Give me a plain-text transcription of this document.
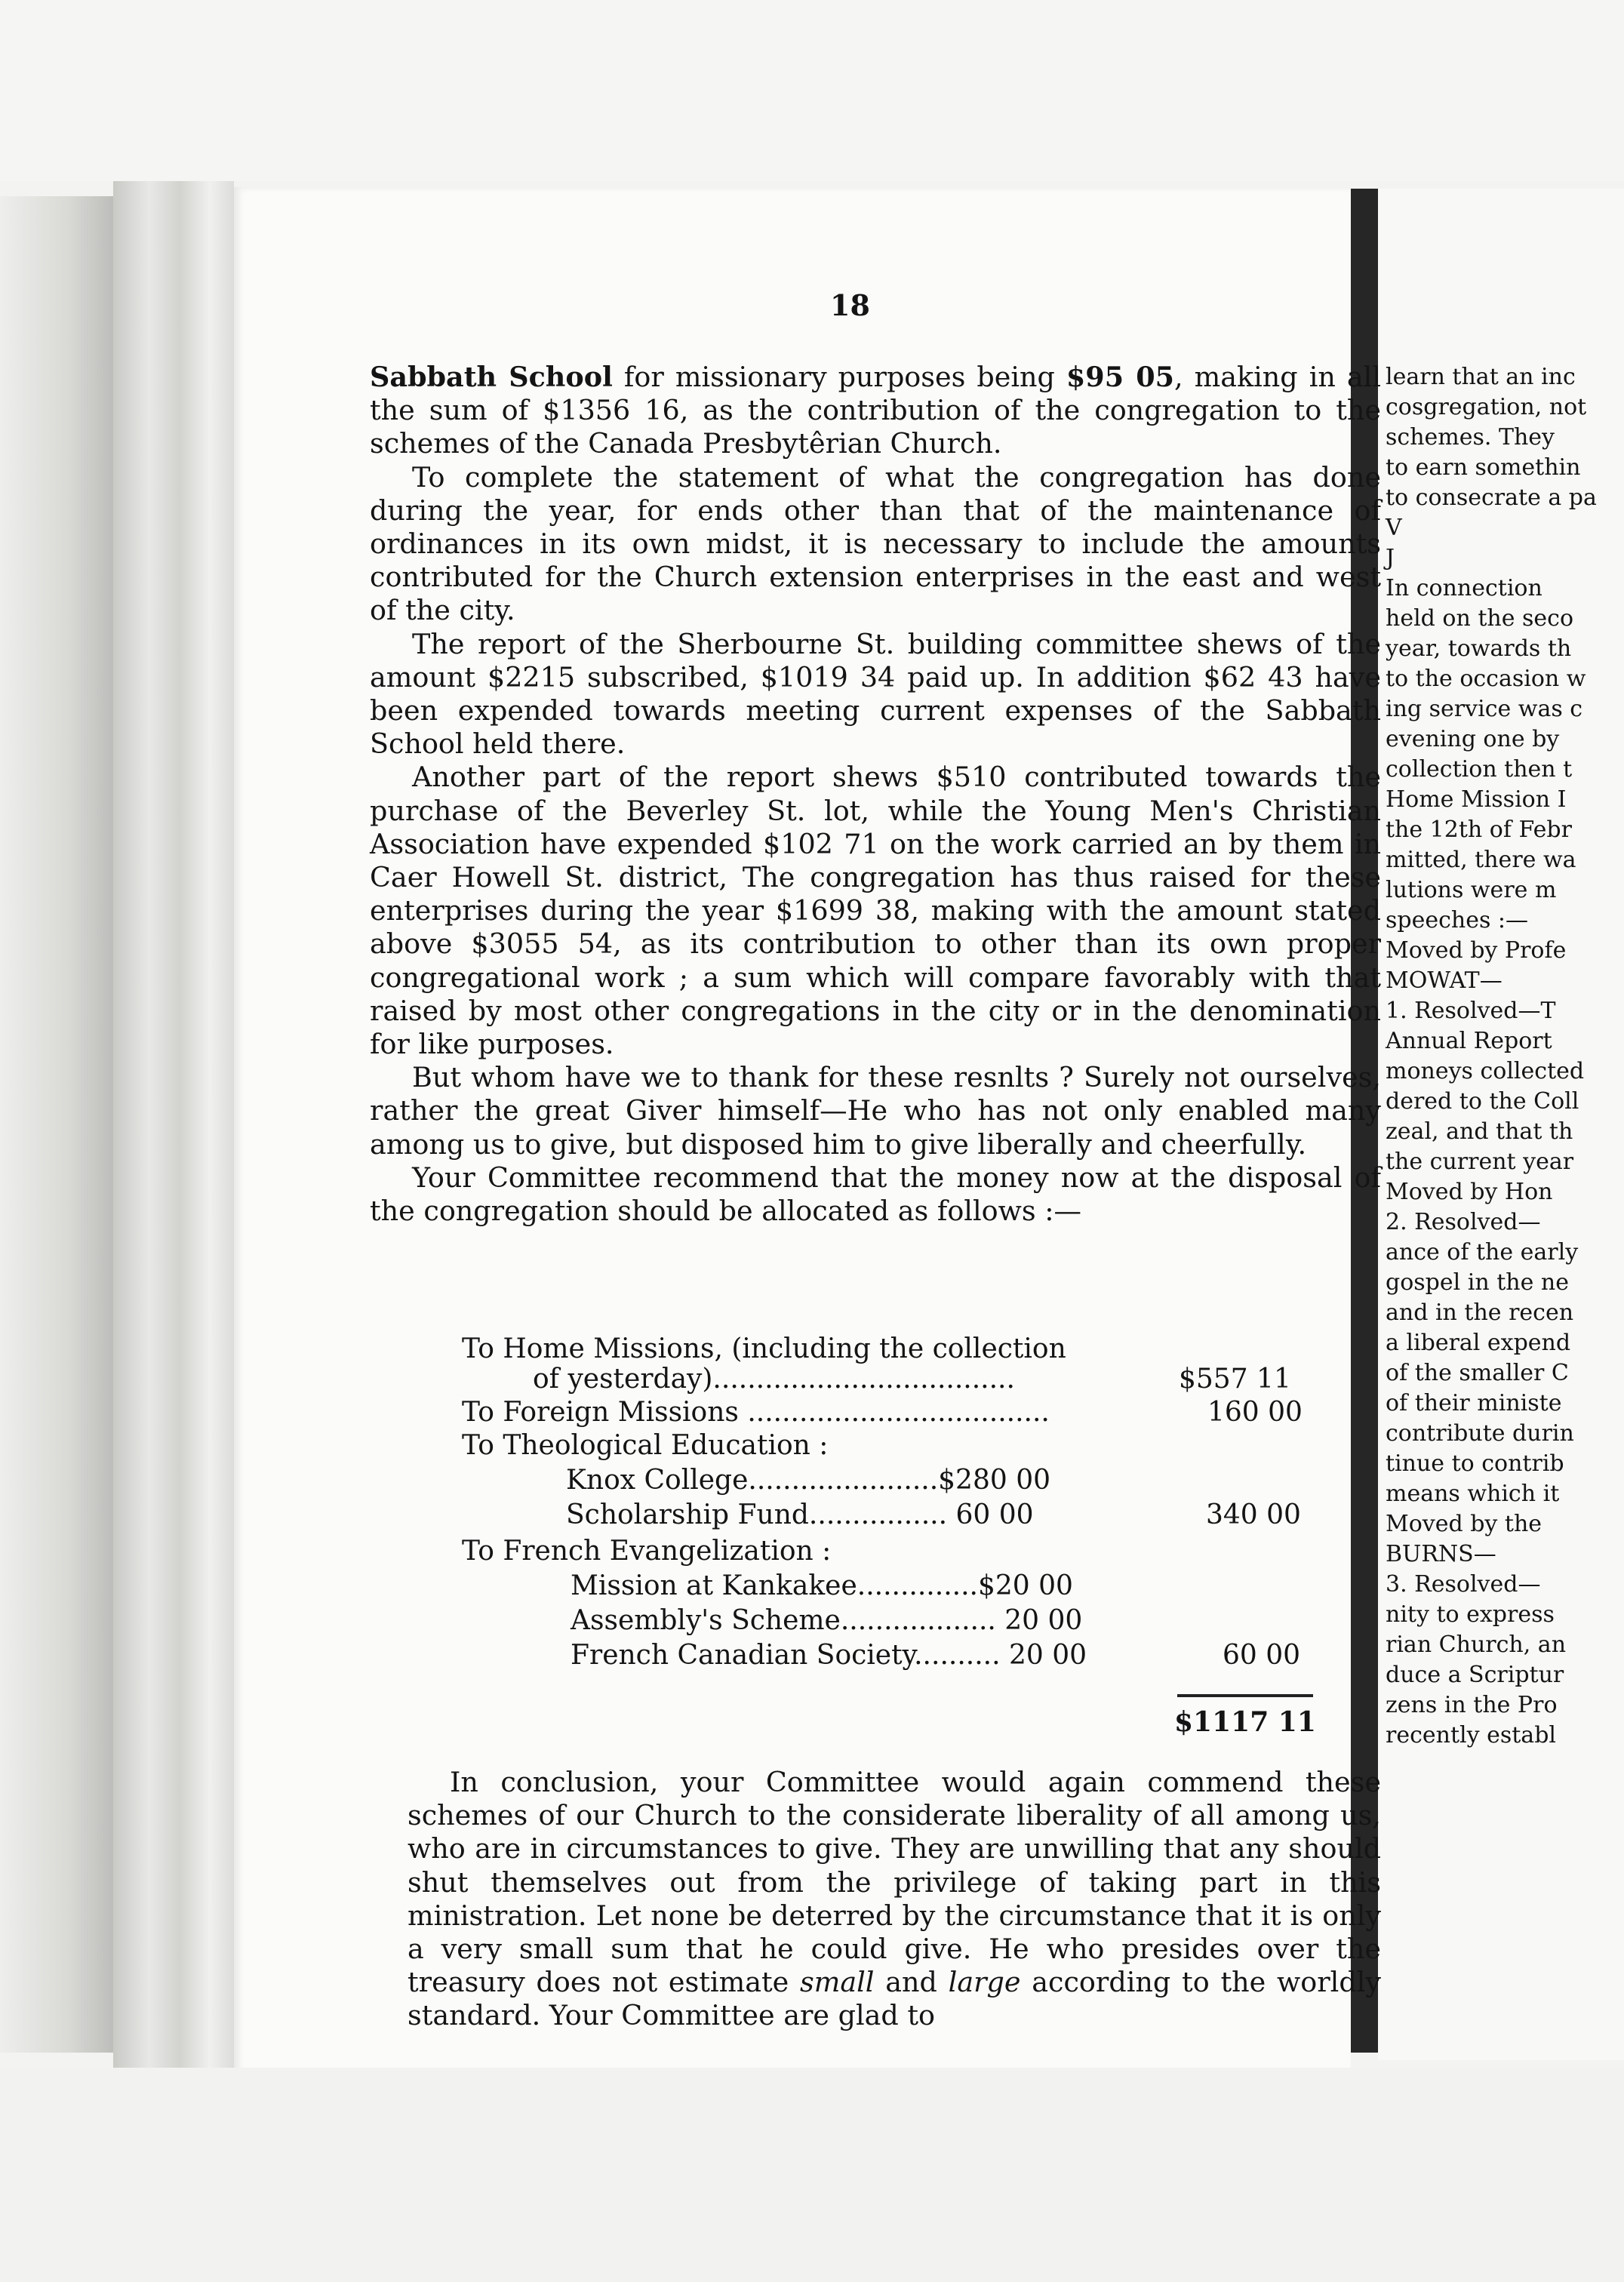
18

Sabbath School for missionary purposes being $95 05, making in all the sum of $1356 16, as the contribution of the congregation to the schemes of the Canada Presbytêrian Church.

To complete the statement of what the congregation has done during the year, for ends other than that of the maintenance of ordinances in its own midst, it is necessary to include the amounts contributed for the Church extension enterprises in the east and west of the city.

The report of the Sherbourne St. building committee shews of the amount $2215 subscribed, $1019 34 paid up. In addition $62 43 have been expended towards meeting current expenses of the Sabbath School held there.

Another part of the report shews $510 contributed towards the purchase of the Beverley St. lot, while the Young Men's Christian Association have expended $102 71 on the work carried an by them in Caer Howell St. district, The congregation has thus raised for these enterprises during the year $1699 38, making with the amount stated above $3055 54, as its contribution to other than its own proper congregational work ; a sum which will compare favorably with that raised by most other congregations in the city or in the denomination for like purposes.

But whom have we to thank for these resnlts ? Surely not ourselves, rather the great Giver himself—He who has not only enabled many among us to give, but disposed him to give liberally and cheerfully.

Your Committee recommend that the money now at the disposal of the congregation should be allocated as follows :—

To Home Missions, (including the collection
of yesterday)...................................	$557 11
To Foreign Missions ...................................	160 00
To Theological Education :
Knox College......................$280 00
Scholarship Fund................ 60 00	340 00
To French Evangelization :
Mission at Kankakee..............$20 00
Assembly's Scheme.................. 20 00
French Canadian Society.......... 20 00	60 00
$1117 11

In conclusion, your Committee would again commend these schemes of our Church to the considerate liberality of all among us, who are in circumstances to give. They are unwilling that any should shut themselves out from the privilege of taking part in this ministration. Let none be deterred by the circumstance that it is only a very small sum that he could give. He who presides over the treasury does not estimate small and large according to the worldly standard. Your Committee are glad to

learn that an inc
cosgregation, not
schemes. They
to earn somethin
to consecrate a pa
V
J
In connection
held on the seco
year, towards th
to the occasion w
ing service was c
evening one by
collection then t
Home Mission I
the 12th of Febr
mitted, there wa
lutions were m
speeches :—
Moved by Profe
MOWAT—
1. Resolved—T
Annual Report
moneys collected
dered to the Coll
zeal, and that th
the current year
Moved by Hon
2. Resolved—
ance of the early
gospel in the ne
and in the recen
a liberal expend
of the smaller C
of their ministe
contribute durin
tinue to contrib
means which it
Moved by the
BURNS—
3. Resolved—
nity to express
rian Church, an
duce a Scriptur
zens in the Pro
recently establ
